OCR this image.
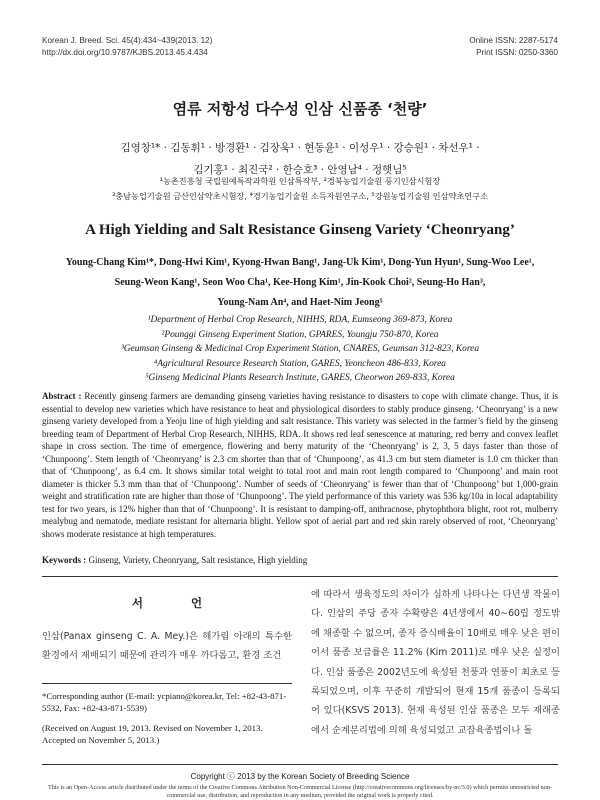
Korean J. Breed. Sci. 45(4):434~439(2013. 12)
http://dx.doi.org/10.9787/KJBS.2013.45.4.434
Online ISSN: 2287-5174
Print ISSN: 0250-3360
염류 저항성 다수성 인삼 신품종 ‘천량’
김영창¹* · 김동휘¹ · 방경환¹ · 김장욱¹ · 현동윤¹ · 이성우¹ · 강승원¹ · 차선우¹ ·
김기홍¹ · 최진국² · 한승호³ · 안영남⁴ · 정햇님⁵
¹농촌진흥청 국립원예특작과학원 인삼특작부, ²경북농업기술원 풍기인삼시험장
³충남농업기술원 금산인삼약초시험장, ⁴경기농업기술원 소득자원연구소, ⁵강원농업기술원 인삼약초연구소
A High Yielding and Salt Resistance Ginseng Variety ‘Cheonryang’
Young-Chang Kim¹*, Dong-Hwi Kim¹, Kyong-Hwan Bang¹, Jang-Uk Kim¹, Dong-Yun Hyun¹, Sung-Woo Lee¹,
Seung-Weon Kang¹, Seon Woo Cha¹, Kee-Hong Kim¹, Jin-Kook Choi², Seung-Ho Han³,
Young-Nam An⁴, and Haet-Nim Jeong⁵
¹Department of Herbal Crop Research, NIHHS, RDA, Eumseong 369-873, Korea
²Pounggi Ginseng Experiment Station, GPARES, Youngju 750-870, Korea
³Geumsan Ginseng & Medicinal Crop Experiment Station, CNARES, Geumsan 312-823, Korea
⁴Agricultural Resource Research Station, GARES, Yeoncheon 486-833, Korea
⁵Ginseng Medicinal Plants Research Institute, GARES, Cheorwon 269-833, Korea
Abstract : Recently ginseng farmers are demanding ginseng varieties having resistance to disasters to cope with climate change. Thus, it is essential to develop new varieties which have resistance to heat and physiological disorders to stably produce ginseng. ‘Cheonryang’ is a new ginseng variety developed from a Yeoju line of high yielding and salt resistance. This variety was selected in the farmer’s field by the ginseng breeding team of Department of Herbal Crop Research, NIHHS, RDA. It shows red leaf senescence at maturing, red berry and convex leaflet shape in cross section. The time of emergence, flowering and berry maturity of the ‘Cheonryang’ is 2, 3, 5 days faster than those of ‘Chunpoong’. Stem length of ‘Cheonryang’ is 2.3 cm shorter than that of ‘Chunpoong’, as 41.3 cm but stem diameter is 1.0 cm thicker than that of ‘Chunpoong’, as 6.4 cm. It shows similar total weight to total root and main root length compared to ‘Chunpoong’ and main root diameter is thicker 5.3 mm than that of ‘Chunpoong’. Number of seeds of ‘Cheonryang’ is fewer than that of ‘Chunpoong’ but 1,000-grain weight and stratification rate are higher than those of ‘Chunpoong’. The yield performance of this variety was 536 kg/10a in local adaptability test for two years, is 12% higher than that of ‘Chunpoong’. It is resistant to damping-off, anthracnose, phytophthora blight, root rot, mulberry mealybug and nematode, mediate resistant for alternaria blight. Yellow spot of aerial part and red skin rarely observed of root, ‘Cheonryang’ shows moderate resistance at high temperatures.
Keywords : Ginseng, Variety, Cheonryang, Salt resistance, High yielding
서 언
인삼(Panax ginseng C. A. Mey.)은 해가림 아래의 특수한 환경에서 재배되기 때문에 관리가 매우 까다롭고, 환경 조건
에 따라서 생육정도의 차이가 심하게 나타나는 다년생 작물이다. 인삼의 주당 종자 수확량은 4년생에서 40∼60립 정도밖에 채종할 수 없으며, 종자 증식배율이 10배로 매우 낮은 편이어서 품종 보급률은 11.2% (Kim 2011)로 매우 낮은 실정이다. 인삼 품종은 2002년도에 육성된 천풍과 연풍이 최초로 등록되었으며, 이후 꾸준히 개발되어 현재 15개 품종이 등록되어 있다(KSVS 2013). 현재 육성된 인삼 품종은 모두 재래종에서 순계분리법에 의해 육성되었고 교잡육종법이나 돌
*Corresponding author (E-mail: ycpiano@korea.kr, Tel: +82-43-871-5532, Fax: +82-43-871-5539)
(Received on August 19, 2013. Revised on November 1, 2013. Accepted on November 5, 2013.)
Copyright ⓒ 2013 by the Korean Society of Breeding Science
This is an Open-Access article distributed under the terms of the Creative Commons Attribution Non-Commercial License (http://creativecommons.org/licenses/by-nc/3.0) which permits unrestricted non-commercial use, distribution, and reproduction in any medium, provided the original work is properly cited.
